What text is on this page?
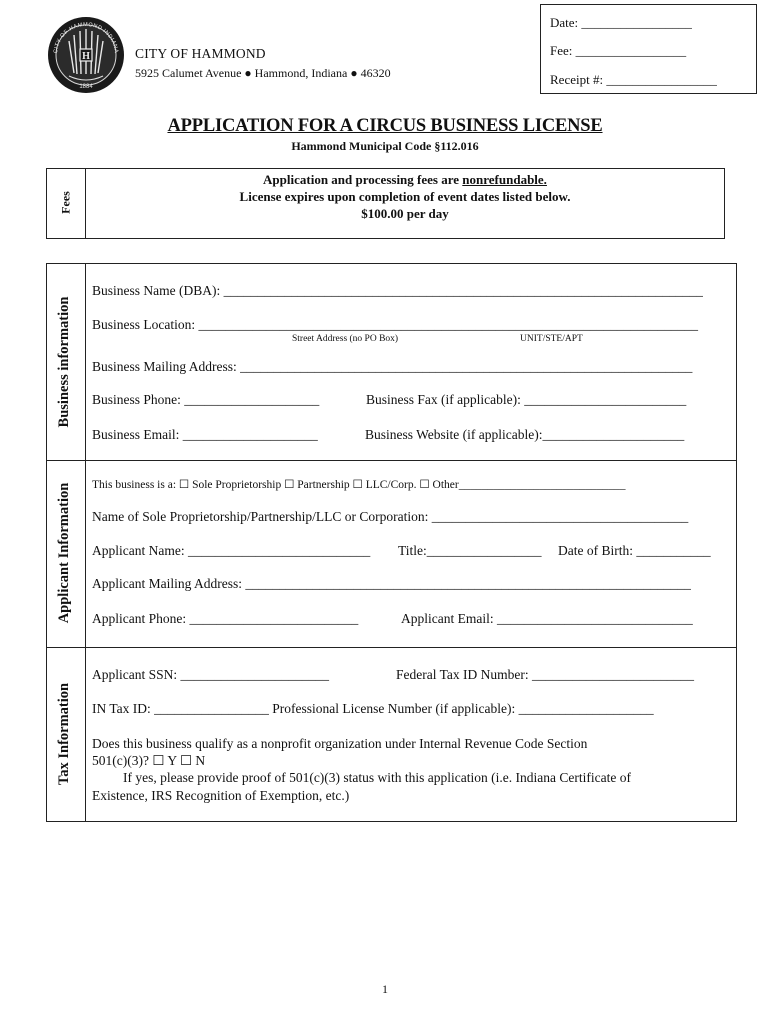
H
1884
CITY OF HAMMOND INDIANA CITY OF HAMMOND
5925 Calumet Avenue ● Hammond, Indiana ● 46320
Date: _________________
Fee: _________________
Receipt #: _________________
APPLICATION FOR A CIRCUS BUSINESS LICENSE
Hammond Municipal Code §112.016
Fees
Application and processing fees are nonrefundable.
License expires upon completion of event dates listed below.
$100.00 per day
Business information
Business Name (DBA): _______________________________________________________________________
Business Location: __________________________________________________________________________
Street Address (no PO Box)	UNIT/STE/APT
Business Mailing Address: ___________________________________________________________________
Business Phone: ____________________	Business Fax (if applicable): ________________________
Business Email: ____________________	Business Website (if applicable):_____________________
Applicant Information	This business is a: ☐ Sole Proprietorship ☐ Partnership ☐ LLC/Corp. ☐ Other_____________________________
Name of Sole Proprietorship/Partnership/LLC or Corporation: ______________________________________
Applicant Name: ___________________________ Title:_________________ Date of Birth: ___________
Applicant Mailing Address: __________________________________________________________________
Applicant Phone: _________________________	Applicant Email: _____________________________
Tax Information
Applicant SSN: ______________________	Federal Tax ID Number: ________________________
IN Tax ID: _________________ Professional License Number (if applicable): ____________________
Does this business qualify as a nonprofit organization under Internal Revenue Code Section
501(c)(3)? ☐ Y ☐ N
If yes, please provide proof of 501(c)(3) status with this application (i.e. Indiana Certificate of
Existence, IRS Recognition of Exemption, etc.)
1
